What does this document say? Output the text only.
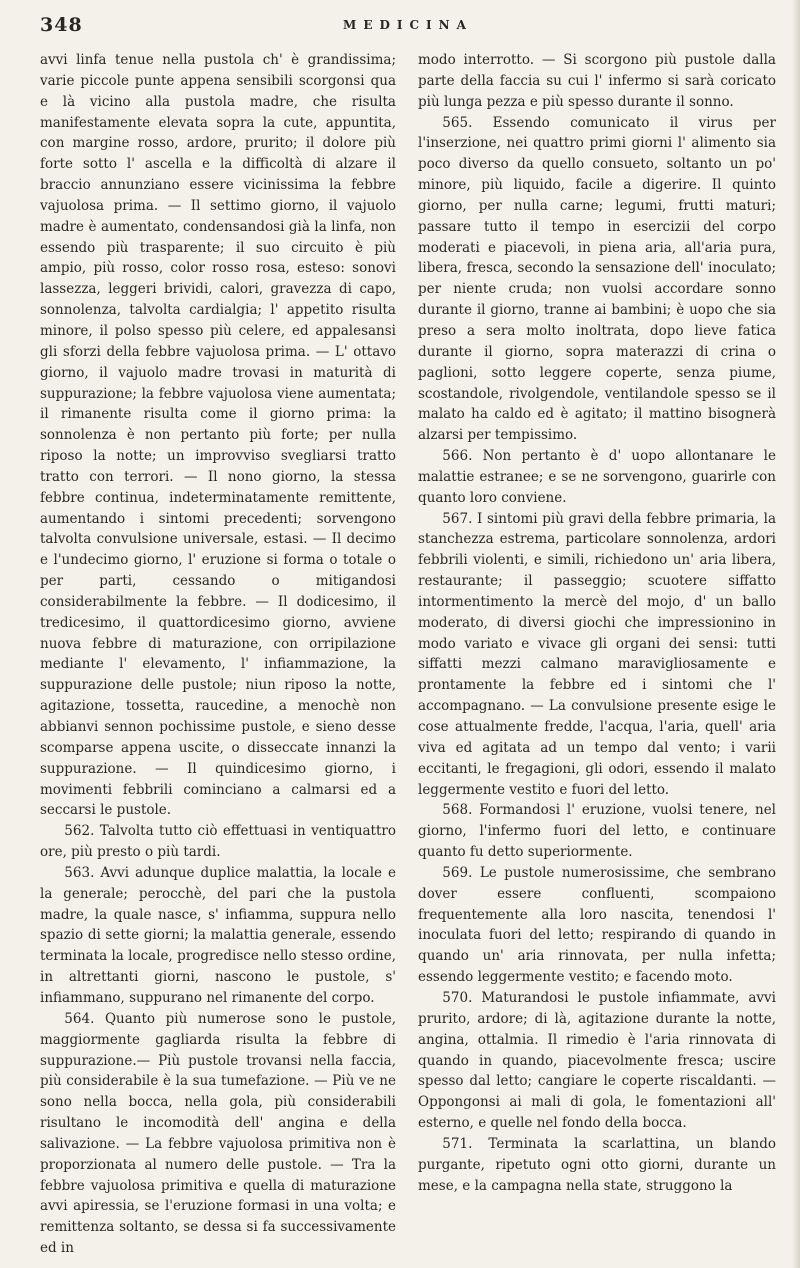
348	MEDICINA

avvi linfa tenue nella pustola ch' è grandissima; varie piccole punte appena sensibili scorgonsi qua e là vicino alla pustola madre, che risulta manifestamente elevata sopra la cute, appuntita, con margine rosso, ardore, prurito; il dolore più forte sotto l' ascella e la difficoltà di alzare il braccio annunziano essere vicinissima la febbre vajuolosa prima. — Il settimo giorno, il vajuolo madre è aumentato, condensandosi già la linfa, non essendo più trasparente; il suo circuito è più ampio, più rosso, color rosso rosa, esteso: sonovi lassezza, leggeri brividi, calori, gravezza di capo, sonnolenza, talvolta cardialgia; l' appetito risulta minore, il polso spesso più celere, ed appalesansi gli sforzi della febbre vajuolosa prima. — L' ottavo giorno, il vajuolo madre trovasi in maturità di suppurazione; la febbre vajuolosa viene aumentata; il rimanente risulta come il giorno prima: la sonnolenza è non pertanto più forte; per nulla riposo la notte; un improvviso svegliarsi tratto tratto con terrori. — Il nono giorno, la stessa febbre continua, indeterminatamente remittente, aumentando i sintomi precedenti; sorvengono talvolta convulsione universale, estasi. — Il decimo e l'undecimo giorno, l' eruzione si forma o totale o per parti, cessando o mitigandosi considerabilmente la febbre. — Il dodicesimo, il tredicesimo, il quattordicesimo giorno, avviene nuova febbre di maturazione, con orripilazione mediante l' elevamento, l' infiammazione, la suppurazione delle pustole; niun riposo la notte, agitazione, tossetta, raucedine, a menochè non abbianvi sennon pochissime pustole, e sieno desse scomparse appena uscite, o disseccate innanzi la suppurazione. — Il quindicesimo giorno, i movimenti febbrili cominciano a calmarsi ed a seccarsi le pustole.

562. Talvolta tutto ciò effettuasi in ventiquattro ore, più presto o più tardi.

563. Avvi adunque duplice malattia, la locale e la generale; perocchè, del pari che la pustola madre, la quale nasce, s' infiamma, suppura nello spazio di sette giorni; la malattia generale, essendo terminata la locale, progredisce nello stesso ordine, in altrettanti giorni, nascono le pustole, s' infiammano, suppurano nel rimanente del corpo.

564. Quanto più numerose sono le pustole, maggiormente gagliarda risulta la febbre di suppurazione.— Più pustole trovansi nella faccia, più considerabile è la sua tumefazione. — Più ve ne sono nella bocca, nella gola, più considerabili risultano le incomodità dell' angina e della salivazione. — La febbre vajuolosa primitiva non è proporzionata al numero delle pustole. — Tra la febbre vajuolosa primitiva e quella di maturazione avvi apiressia, se l'eruzione formasi in una volta; e remittenza soltanto, se dessa si fa successivamente ed in

modo interrotto. — Si scorgono più pustole dalla parte della faccia su cui l' infermo si sarà coricato più lunga pezza e più spesso durante il sonno.

565. Essendo comunicato il virus per l'inserzione, nei quattro primi giorni l' alimento sia poco diverso da quello consueto, soltanto un po' minore, più liquido, facile a digerire. Il quinto giorno, per nulla carne; legumi, frutti maturi; passare tutto il tempo in esercizii del corpo moderati e piacevoli, in piena aria, all'aria pura, libera, fresca, secondo la sensazione dell' inoculato; per niente cruda; non vuolsi accordare sonno durante il giorno, tranne ai bambini; è uopo che sia preso a sera molto inoltrata, dopo lieve fatica durante il giorno, sopra materazzi di crina o paglioni, sotto leggere coperte, senza piume, scostandole, rivolgendole, ventilandole spesso se il malato ha caldo ed è agitato; il mattino bisognerà alzarsi per tempissimo.

566. Non pertanto è d' uopo allontanare le malattie estranee; e se ne sorvengono, guarirle con quanto loro conviene.

567. I sintomi più gravi della febbre primaria, la stanchezza estrema, particolare sonnolenza, ardori febbrili violenti, e simili, richiedono un' aria libera, restaurante; il passeggio; scuotere siffatto intormentimento la mercè del mojo, d' un ballo moderato, di diversi giochi che impressionino in modo variato e vivace gli organi dei sensi: tutti siffatti mezzi calmano maravigliosamente e prontamente la febbre ed i sintomi che l' accompagnano. — La convulsione presente esige le cose attualmente fredde, l'acqua, l'aria, quell' aria viva ed agitata ad un tempo dal vento; i varii eccitanti, le fregagioni, gli odori, essendo il malato leggermente vestito e fuori del letto.

568. Formandosi l' eruzione, vuolsi tenere, nel giorno, l'infermo fuori del letto, e continuare quanto fu detto superiormente.

569. Le pustole numerosissime, che sembrano dover essere confluenti, scompaiono frequentemente alla loro nascita, tenendosi l' inoculata fuori del letto; respirando di quando in quando un' aria rinnovata, per nulla infetta; essendo leggermente vestito; e facendo moto.

570. Maturandosi le pustole infiammate, avvi prurito, ardore; di là, agitazione durante la notte, angina, ottalmia. Il rimedio è l'aria rinnovata di quando in quando, piacevolmente fresca; uscire spesso dal letto; cangiare le coperte riscaldanti. — Oppongonsi ai mali di gola, le fomentazioni all' esterno, e quelle nel fondo della bocca.

571. Terminata la scarlattina, un blando purgante, ripetuto ogni otto giorni, durante un mese, e la campagna nella state, struggono la
